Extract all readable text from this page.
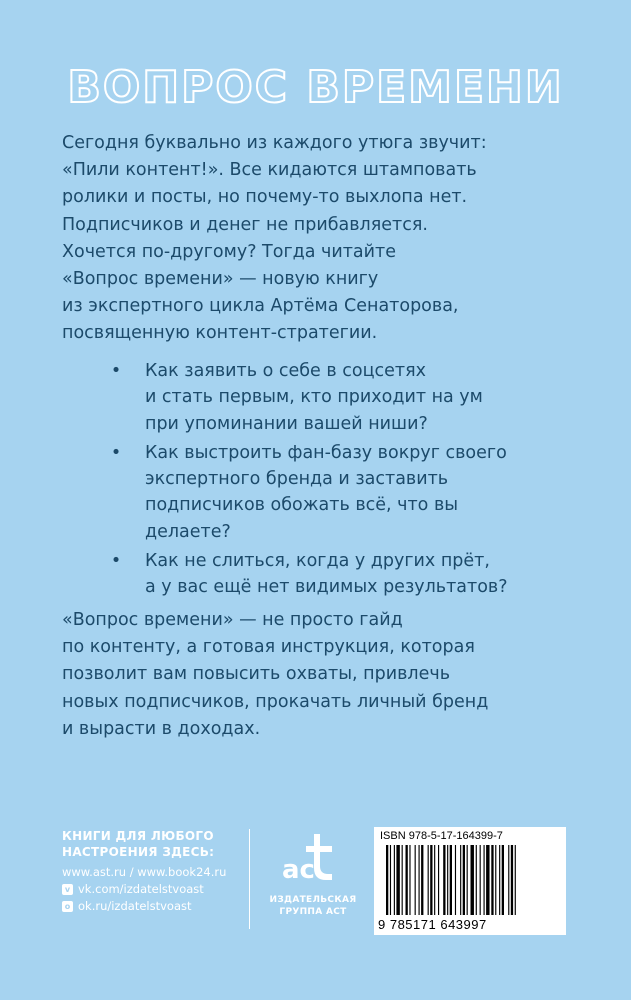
ВОПРОС ВРЕМЕНИ
Сегодня буквально из каждого утюга звучит:
«Пили контент!». Все кидаются штамповать
ролики и посты, но почему-то выхлопа нет.
Подписчиков и денег не прибавляется.
Хочется по-другому? Тогда читайте
«Вопрос времени» — новую книгу
из экспертного цикла Артёма Сенаторова,
посвященную контент-стратегии.
• Как заявить о себе в соцсетях
и стать первым, кто приходит на ум
при упоминании вашей ниши?
• Как выстроить фан-базу вокруг своего
экспертного бренда и заставить
подписчиков обожать всё, что вы
делаете?
• Как не слиться, когда у других прёт,
а у вас ещё нет видимых результатов?
«Вопрос времени» — не просто гайд
по контенту, а готовая инструкция, которая
позволит вам повысить охваты, привлечь
новых подписчиков, прокачать личный бренд
и вырасти в доходах.
КНИГИ ДЛЯ ЛЮБОГО
НАСТРОЕНИЯ ЗДЕСЬ:
www.ast.ru / www.book24.ru
v vk.com/izdatelstvoast
o ok.ru/izdatelstvoast
ac
ИЗДАТЕЛЬСКАЯ
ГРУППА АСТ
ISBN 978-5-17-164399-7
9 785171 643997
